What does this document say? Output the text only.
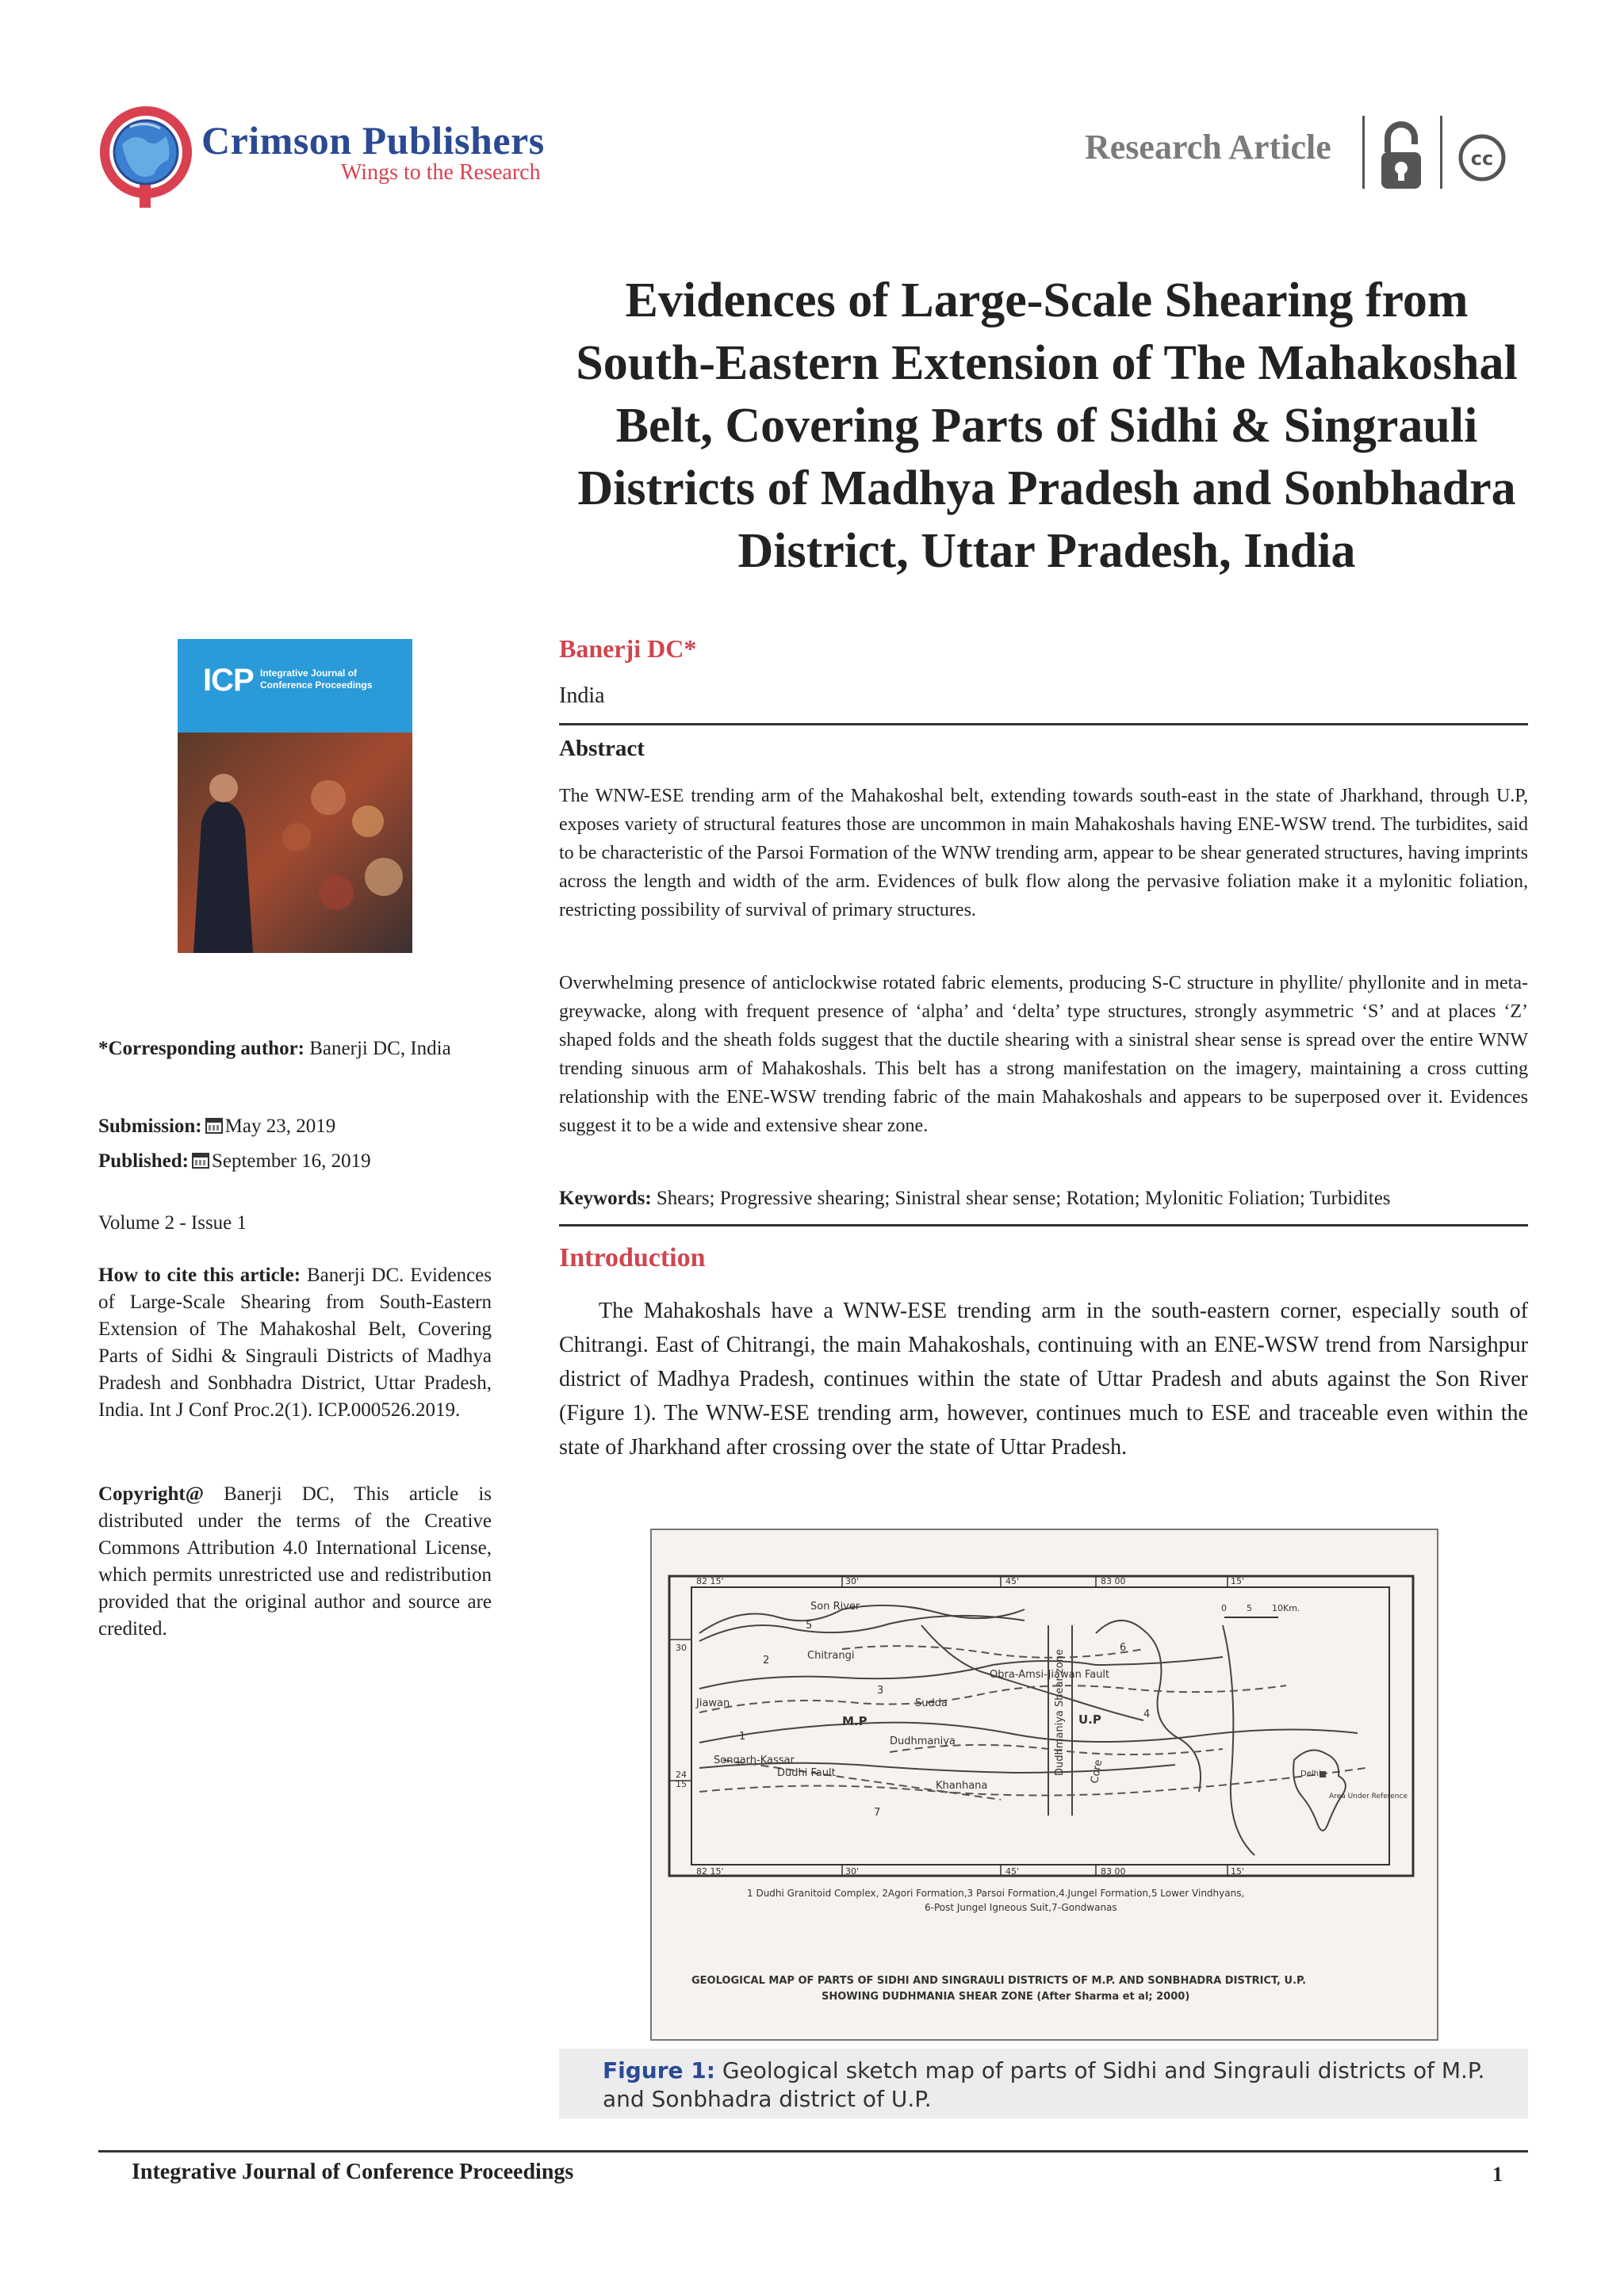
Crimson Publishers
Wings to the Research
Research Article	cc
Evidences of Large-Scale Shearing from South-Eastern Extension of The Mahakoshal Belt, Covering Parts of Sidhi & Singrauli Districts of Madhya Pradesh and Sonbhadra District, Uttar Pradesh, India
ICP Integrative Journal of
Conference Proceedings
*Corresponding author: Banerji DC, India
Submission: May 23, 2019
Published: September 16, 2019
Volume 2 - Issue 1
How to cite this article: Banerji DC. Evidences of Large-Scale Shearing from South-Eastern Extension of The Mahakoshal Belt, Covering Parts of Sidhi & Singrauli Districts of Madhya Pradesh and Sonbhadra District, Uttar Pradesh, India. Int J Conf Proc.2(1). ICP.000526.2019.
Copyright@ Banerji DC, This article is distributed under the terms of the Creative Commons Attribution 4.0 International License, which permits unrestricted use and redistribution provided that the original author and source are credited.
Banerji DC*
India
Abstract
The WNW-ESE trending arm of the Mahakoshal belt, extending towards south-east in the state of Jharkhand, through U.P, exposes variety of structural features those are uncommon in main Mahakoshals having ENE-WSW trend. The turbidites, said to be characteristic of the Parsoi Formation of the WNW trending arm, appear to be shear generated structures, having imprints across the length and width of the arm. Evidences of bulk flow along the pervasive foliation make it a mylonitic foliation, restricting possibility of survival of primary structures.
Overwhelming presence of anticlockwise rotated fabric elements, producing S-C structure in phyllite/ phyllonite and in meta-greywacke, along with frequent presence of ‘alpha’ and ‘delta’ type structures, strongly asymmetric ‘S’ and at places ‘Z’ shaped folds and the sheath folds suggest that the ductile shearing with a sinistral shear sense is spread over the entire WNW trending sinuous arm of Mahakoshals. This belt has a strong manifestation on the imagery, maintaining a cross cutting relationship with the ENE-WSW trending fabric of the main Mahakoshals and appears to be superposed over it. Evidences suggest it to be a wide and extensive shear zone.
Keywords: Shears; Progressive shearing; Sinistral shear sense; Rotation; Mylonitic Foliation; Turbidites
Introduction
The Mahakoshals have a WNW-ESE trending arm in the south-eastern corner, especially south of Chitrangi. East of Chitrangi, the main Mahakoshals, continuing with an ENE-WSW trend from Narsighpur district of Madhya Pradesh, continues within the state of Uttar Pradesh and abuts against the Son River (Figure 1). The WNW-ESE trending arm, however, continues much to ESE and traceable even within the state of Jharkhand after crossing over the state of Uttar Pradesh.
82 15'	30'	45'	83 00	15'
82 15'	30'	45'	83 00	15'
30
24
15
Son River
Chitrangi
Jiawan
Obra-Amsi-Jiawan Fault
Sudda
M.P	U.P
Dudhmaniya
Songarh-Kassar
Dudhi Fault
Khanhana
Dudhmaniya Shear zone Core	Delhi
Area Under Reference
0 5 10Km.
5
2
1
3
4
6
7
1 Dudhi Granitoid Complex, 2Agori Formation,3 Parsoi Formation,4.Jungel Formation,5 Lower Vindhyans,
6-Post Jungel Igneous Suit,7-Gondwanas
GEOLOGICAL MAP OF PARTS OF SIDHI AND SINGRAULI DISTRICTS OF M.P. AND SONBHADRA DISTRICT, U.P.
SHOWING DUDHMANIA SHEAR ZONE (After Sharma et al; 2000)
Figure 1: Geological sketch map of parts of Sidhi and Singrauli districts of M.P. and Sonbhadra district of U.P.
Integrative Journal of Conference Proceedings	1
